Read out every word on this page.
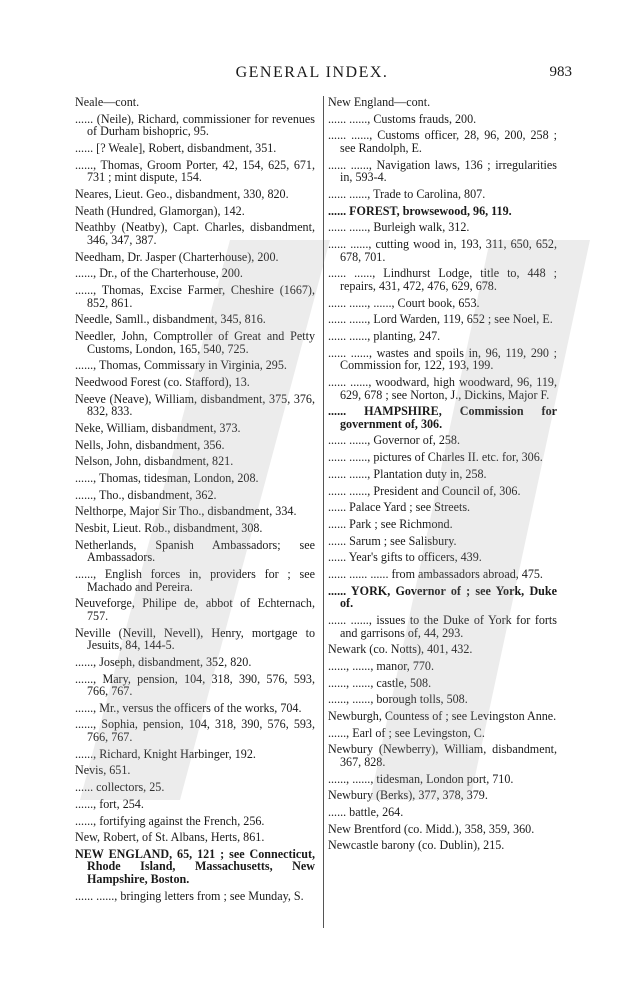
GENERAL INDEX.	983
Neale—cont.
...... (Neile), Richard, commissioner for revenues of Durham bishopric, 95.
...... [? Weale], Robert, disbandment, 351.
......, Thomas, Groom Porter, 42, 154, 625, 671, 731 ; mint dispute, 154.
Neares, Lieut. Geo., disbandment, 330, 820.
Neath (Hundred, Glamorgan), 142.
Neathby (Neatby), Capt. Charles, disbandment, 346, 347, 387.
Needham, Dr. Jasper (Charterhouse), 200.
......, Dr., of the Charterhouse, 200.
......, Thomas, Excise Farmer, Cheshire (1667), 852, 861.
Needle, Samll., disbandment, 345, 816.
Needler, John, Comptroller of Great and Petty Customs, London, 165, 540, 725.
......, Thomas, Commissary in Virginia, 295.
Needwood Forest (co. Stafford), 13.
Neeve (Neave), William, disbandment, 375, 376, 832, 833.
Neke, William, disbandment, 373.
Nells, John, disbandment, 356.
Nelson, John, disbandment, 821.
......, Thomas, tidesman, London, 208.
......, Tho., disbandment, 362.
Nelthorpe, Major Sir Tho., disbandment, 334.
Nesbit, Lieut. Rob., disbandment, 308.
Netherlands, Spanish Ambassadors; see Ambassadors.
......, English forces in, providers for ; see Machado and Pereira.
Neuveforge, Philipe de, abbot of Echternach, 757.
Neville (Nevill, Nevell), Henry, mortgage to Jesuits, 84, 144-5.
......, Joseph, disbandment, 352, 820.
......, Mary, pension, 104, 318, 390, 576, 593, 766, 767.
......, Mr., versus the officers of the works, 704.
......, Sophia, pension, 104, 318, 390, 576, 593, 766, 767.
......, Richard, Knight Harbinger, 192.
Nevis, 651.
...... collectors, 25.
......, fort, 254.
......, fortifying against the French, 256.
New, Robert, of St. Albans, Herts, 861.
NEW ENGLAND, 65, 121 ; see Connecticut, Rhode Island, Massachusetts, New Hampshire, Boston.
...... ......, bringing letters from ; see Munday, S.
New England—cont.
...... ......, Customs frauds, 200.
...... ......, Customs officer, 28, 96, 200, 258 ; see Randolph, E.
...... ......, Navigation laws, 136 ; irregularities in, 593-4.
...... ......, Trade to Carolina, 807.
...... FOREST, browsewood, 96, 119.
...... ......, Burleigh walk, 312.
...... ......, cutting wood in, 193, 311, 650, 652, 678, 701.
...... ......, Lindhurst Lodge, title to, 448 ; repairs, 431, 472, 476, 629, 678.
...... ......, ......, Court book, 653.
...... ......, Lord Warden, 119, 652 ; see Noel, E.
...... ......, planting, 247.
...... ......, wastes and spoils in, 96, 119, 290 ; Commission for, 122, 193, 199.
...... ......, woodward, high woodward, 96, 119, 629, 678 ; see Norton, J., Dickins, Major F.
...... HAMPSHIRE, Commission for government of, 306.
...... ......, Governor of, 258.
...... ......, pictures of Charles II. etc. for, 306.
...... ......, Plantation duty in, 258.
...... ......, President and Council of, 306.
...... Palace Yard ; see Streets.
...... Park ; see Richmond.
...... Sarum ; see Salisbury.
...... Year's gifts to officers, 439.
...... ...... ...... from ambassadors abroad, 475.
...... YORK, Governor of ; see York, Duke of.
...... ......, issues to the Duke of York for forts and garrisons of, 44, 293.
Newark (co. Notts), 401, 432.
......, ......, manor, 770.
......, ......, castle, 508.
......, ......, borough tolls, 508.
Newburgh, Countess of ; see Levingston Anne.
......, Earl of ; see Levingston, C.
Newbury (Newberry), William, disbandment, 367, 828.
......, ......, tidesman, London port, 710.
Newbury (Berks), 377, 378, 379.
...... battle, 264.
New Brentford (co. Midd.), 358, 359, 360.
Newcastle barony (co. Dublin), 215.
